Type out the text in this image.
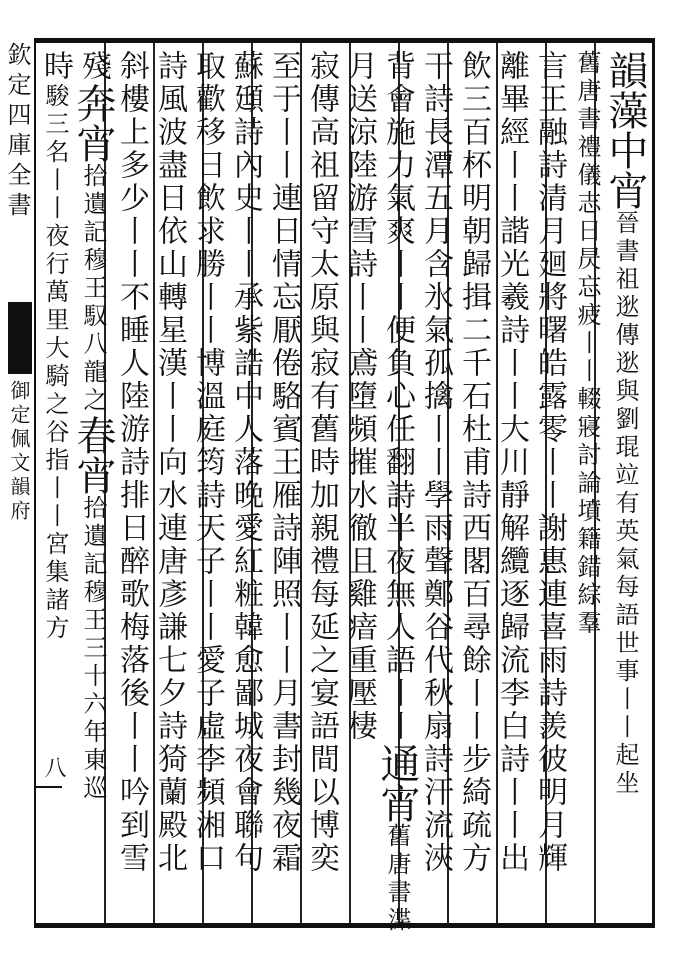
欽定四庫全書
御定佩文韻府
八
韻藻中宵晉書祖逖傳逖與劉琨竝有英氣每語世事丨丨起坐
舊唐書禮儀志日昃忘疲丨丨輟寢討論墳籍錯綜羣
言王融詩清月廻將曙皓露零丨丨謝惠連喜雨詩羨彼明月輝
離畢經丨丨諧光羲詩丨丨大川靜解纜逐歸流李白詩丨丨出
飲三百杯明朝歸揖二千石杜甫詩西閣百尋餘丨丨步綺疏方
干詩長潭五月含氷氣孤擒丨丨學雨聲鄭谷代秋扇詩汗流浹
背會施力氣爽丨丨便負心任翻詩半夜無人語丨丨通宵舊唐書渫
月送涼陸游雪詩丨丨鳶墮頻摧水徹且雞瘖重壓棲
寂傳高祖留守太原與寂有舊時加親禮每延之宴語間以博奕
至于丨丨連日情忘厭倦駱賓王雁詩陣照丨丨月書封幾夜霜
蘇頲詩內史丨丨承紫誥中人落晚愛紅粧韓愈鄙城夜會聯句
取歡移日飲求勝丨丨博溫庭筠詩天子丨丨愛子虛李頻湘口
詩風波盡日依山轉星漢丨丨向水連唐彥謙七夕詩猗蘭殿北
斜樓上多少丨丨不睡人陸游詩排日醉歌梅落後丨丨吟到雪
殘奔宵拾遺記穆王馭八龍之春宵拾遺記穆王三十六年東巡
時駿三名丨丨夜行萬里大騎之谷指丨丨宮集諸方
